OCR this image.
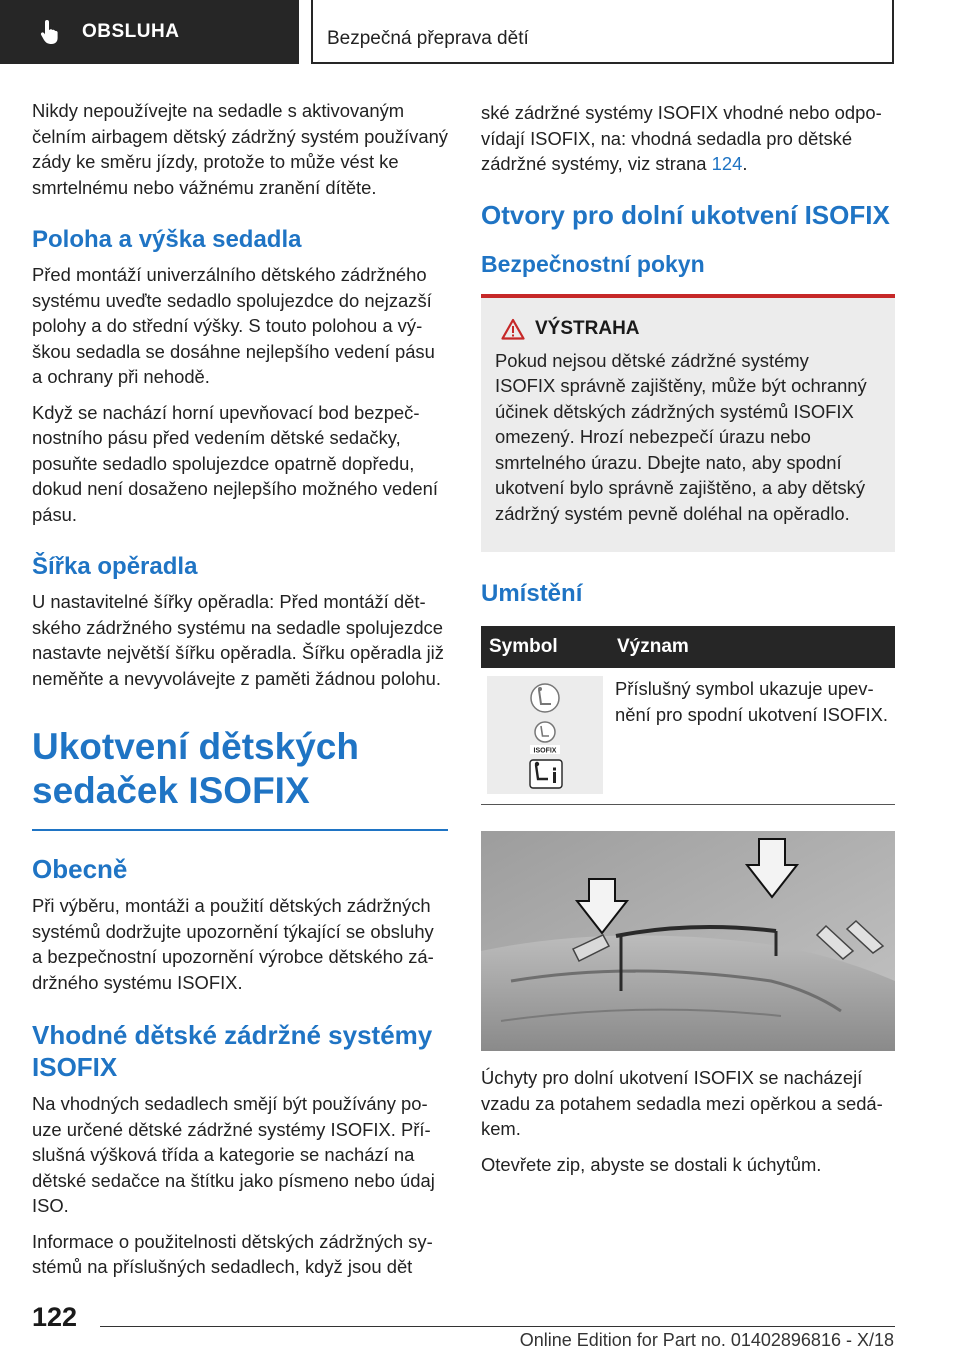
OBSLUHA	Bezpečná přeprava dětí

Nikdy nepoužívejte na sedadle s aktivovaným čelním airbagem dětský zádržný systém používaný zády ke směru jízdy, protože to může vést ke smrtelnému nebo vážnému zranění dítěte.

Poloha a výška sedadla

Před montáží univerzálního dětského zádržného systému uveďte sedadlo spolujezdce do nejzazší polohy a do střední výšky. S touto polohou a výškou sedadla se dosáhne nejlepšího vedení pásu a ochrany při nehodě.

Když se nachází horní upevňovací bod bezpečnostního pásu před vedením dětské sedačky, posuňte sedadlo spolujezdce opatrně dopředu, dokud není dosaženo nejlepšího možného vedení pásu.

Šířka opěradla

U nastavitelné šířky opěradla: Před montáží dětského zádržného systému na sedadle spolujezdce nastavte největší šířku opěradla. Šířku opěradla již neměňte a nevyvolávejte z paměti žádnou polohu.

Ukotvení dětských sedaček ISOFIX
Obecně

Při výběru, montáži a použití dětských zádržných systémů dodržujte upozornění týkající se obsluhy a bezpečnostní upozornění výrobce dětského zádržného systému ISOFIX.

Vhodné dětské zádržné systémy ISOFIX

Na vhodných sedadlech smějí být používány pouze určené dětské zádržné systémy ISOFIX. Příslušná výšková třída a kategorie se nachází na dětské sedačce na štítku jako písmeno nebo údaj ISO.

Informace o použitelnosti dětských zádržných systémů na příslušných sedadlech, když jsou dět

ské zádržné systémy ISOFIX vhodné nebo odpovídají ISOFIX, na: vhodná sedadla pro dětské zádržné systémy, viz strana 124.

Otvory pro dolní ukotvení ISOFIX
Bezpečnostní pokyn
VÝSTRAHA

Pokud nejsou dětské zádržné systémy ISOFIX správně zajištěny, může být ochranný účinek dětských zádržných systémů ISOFIX omezený. Hrozí nebezpečí úrazu nebo smrtelného úrazu. Dbejte nato, aby spodní ukotvení bylo správně zajištěno, a aby dětský zádržný systém pevně doléhal na opěradlo.

Umístění
Symbol	Význam

ISOFIX	Příslušný symbol ukazuje upevnění pro spodní ukotvení ISOFIX.

Úchyty pro dolní ukotvení ISOFIX se nacházejí vzadu za potahem sedadla mezi opěrkou a sedákem.

Otevřete zip, abyste se dostali k úchytům.

122
Online Edition for Part no. 01402896816 - X/18
